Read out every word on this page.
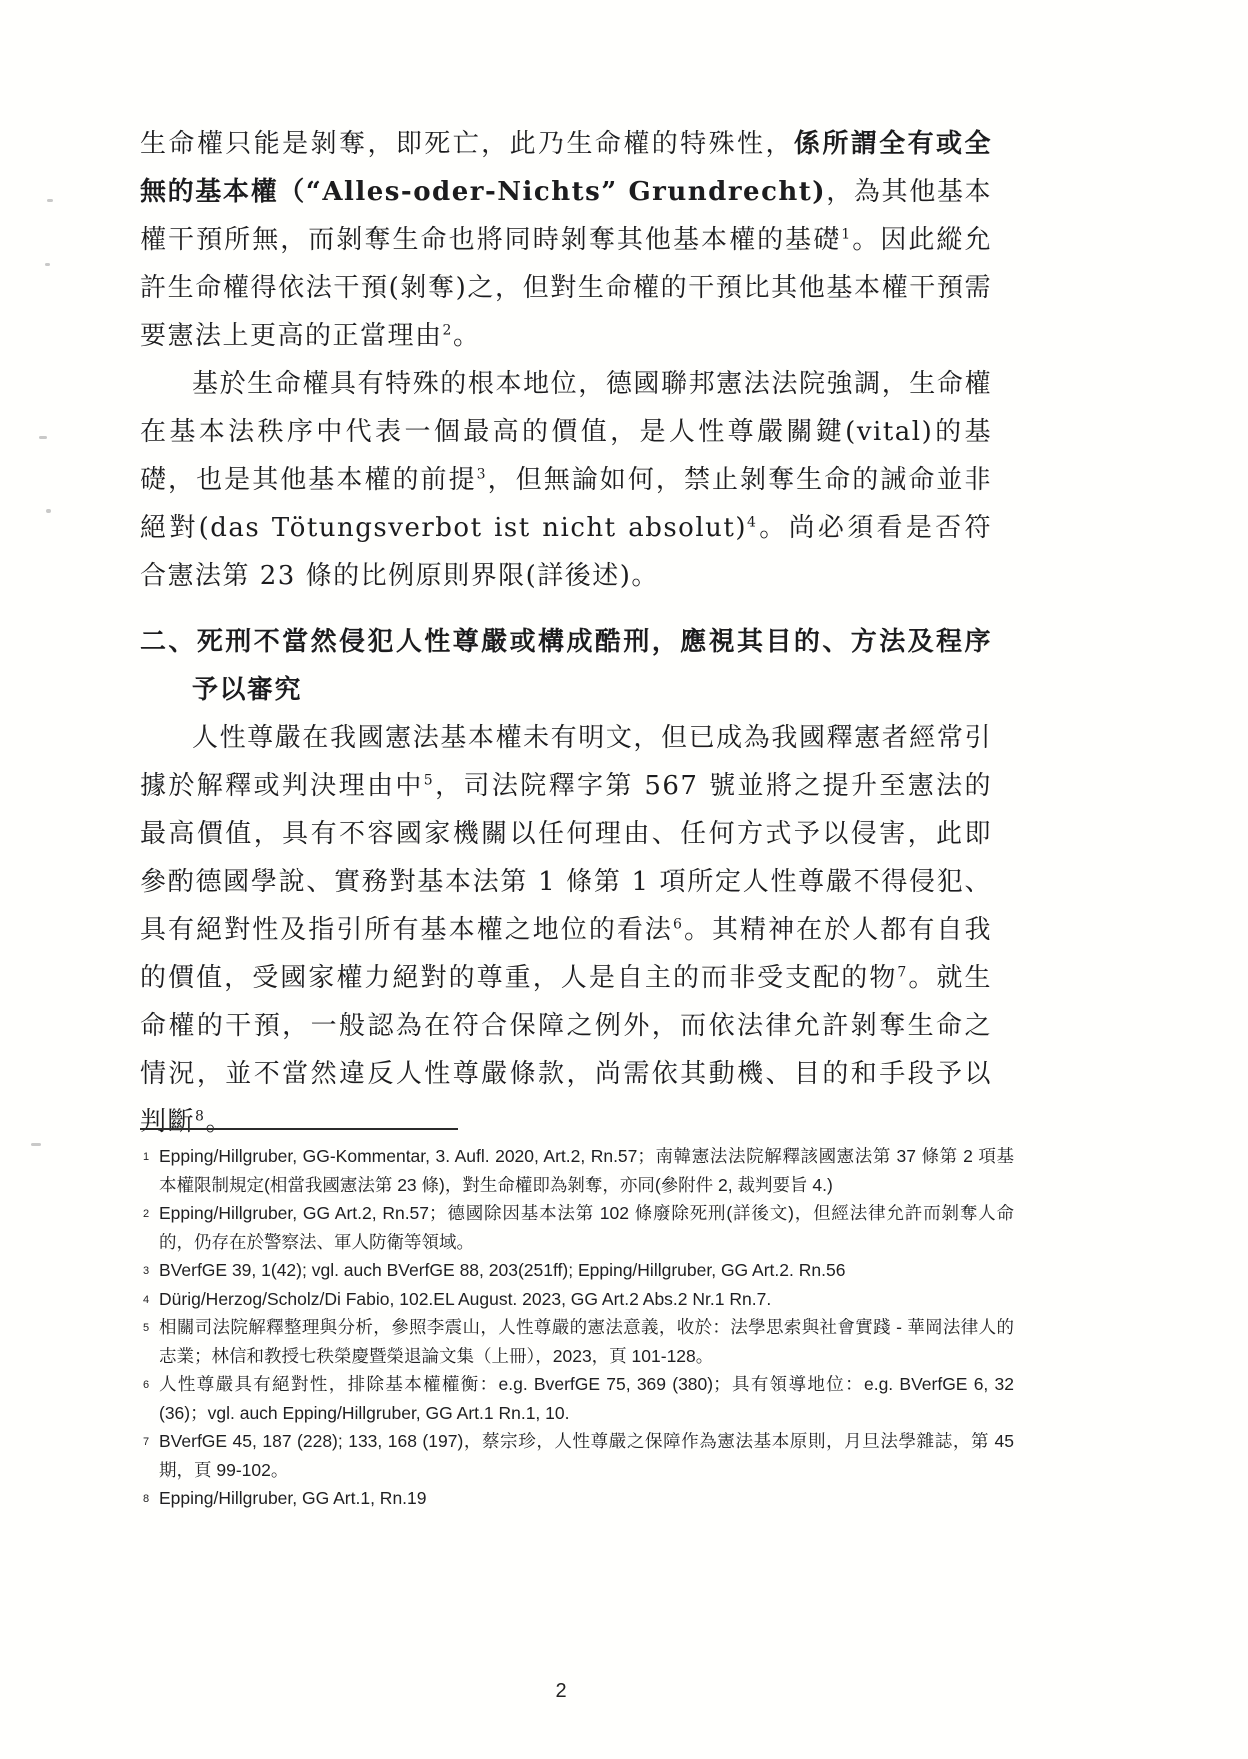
生命權只能是剝奪，即死亡，此乃生命權的特殊性，係所謂全有或全無的基本權（“Alles-oder-Nichts” Grundrecht)，為其他基本權干預所無，而剝奪生命也將同時剝奪其他基本權的基礎$^1$。因此縱允許生命權得依法干預(剝奪)之，但對生命權的干預比其他基本權干預需要憲法上更高的正當理由$^2$。

基於生命權具有特殊的根本地位，德國聯邦憲法法院強調，生命權在基本法秩序中代表一個最高的價值，是人性尊嚴關鍵(vital)的基礎，也是其他基本權的前提$^3$，但無論如何，禁止剝奪生命的誡命並非絕對(das Tötungsverbot ist nicht absolut)$^4$。尚必須看是否符合憲法第 23 條的比例原則界限(詳後述)。

二、死刑不當然侵犯人性尊嚴或構成酷刑，應視其目的、方法及程序予以審究

人性尊嚴在我國憲法基本權未有明文，但已成為我國釋憲者經常引據於解釋或判決理由中$^5$，司法院釋字第 567 號並將之提升至憲法的最高價值，具有不容國家機關以任何理由、任何方式予以侵害，此即參酌德國學說、實務對基本法第 1 條第 1 項所定人性尊嚴不得侵犯、具有絕對性及指引所有基本權之地位的看法$^6$。其精神在於人都有自我的價值，受國家權力絕對的尊重，人是自主的而非受支配的物$^7$。就生命權的干預，一般認為在符合保障之例外，而依法律允許剝奪生命之情況，並不當然違反人性尊嚴條款，尚需依其動機、目的和手段予以判斷$^8$。

1 Epping/Hillgruber, GG-Kommentar, 3. Aufl. 2020, Art.2, Rn.57；南韓憲法法院解釋該國憲法第 37 條第 2 項基本權限制規定(相當我國憲法第 23 條)，對生命權即為剝奪，亦同(參附件 2, 裁判要旨 4.)
2 Epping/Hillgruber, GG Art.2, Rn.57；德國除因基本法第 102 條廢除死刑(詳後文)，但經法律允許而剝奪人命的，仍存在於警察法、軍人防衛等領域。
3 BVerfGE 39, 1(42); vgl. auch BVerfGE 88, 203(251ff); Epping/Hillgruber, GG Art.2. Rn.56
4 Dürig/Herzog/Scholz/Di Fabio, 102.EL August. 2023, GG Art.2 Abs.2 Nr.1 Rn.7.
5 相關司法院解釋整理與分析，參照李震山，人性尊嚴的憲法意義，收於：法學思索與社會實踐 - 華岡法律人的志業；林信和教授七秩榮慶暨榮退論文集（上冊），2023，頁 101-128。
6 人性尊嚴具有絕對性，排除基本權權衡：e.g. BverfGE 75, 369 (380)；具有領導地位：e.g. BVerfGE 6, 32 (36)；vgl. auch Epping/Hillgruber, GG Art.1 Rn.1, 10.
7 BVerfGE 45, 187 (228); 133, 168 (197)，蔡宗珍，人性尊嚴之保障作為憲法基本原則，月旦法學雜誌，第 45 期，頁 99-102。
8 Epping/Hillgruber, GG Art.1, Rn.19
2
